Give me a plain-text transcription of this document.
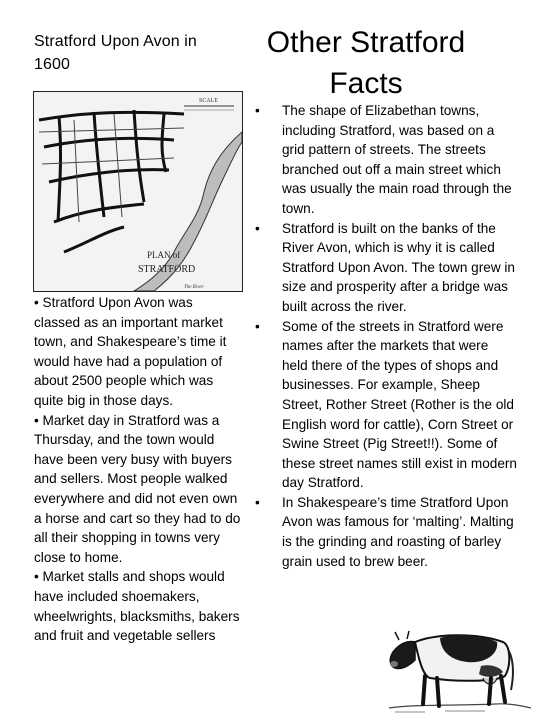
Stratford Upon Avon in 1600
SCALE
PLAN of
STRATFORD
The River

• Stratford Upon Avon was classed as an important market town, and Shakespeare’s time it would have had a population of about 2500 people which was quite big in those days.

• Market day in Stratford was a Thursday, and the town would have been very busy with buyers and sellers. Most people walked everywhere and did not even own a horse and cart so they had to do all their shopping in towns very close to home.

• Market stalls and shops would have included shoemakers, wheelwrights, blacksmiths, bakers and fruit and vegetable sellers

Other Stratford Facts
• The shape of Elizabethan towns, including Stratford, was based on a grid pattern of streets. The streets branched out off a main street which was usually the main road through the town.
• Stratford is built on the banks of the River Avon, which is why it is called Stratford Upon Avon. The town grew in size and prosperity after a bridge was built across the river.
• Some of the streets in Stratford were names after the markets that were held there of the types of shops and businesses. For example, Sheep Street, Rother Street (Rother is the old English word for cattle), Corn Street or Swine Street (Pig Street!!). Some of these street names still exist in modern day Stratford.
• In Shakespeare’s time Stratford Upon Avon was famous for ‘malting’. Malting is the grinding and roasting of barley grain used to brew beer.
